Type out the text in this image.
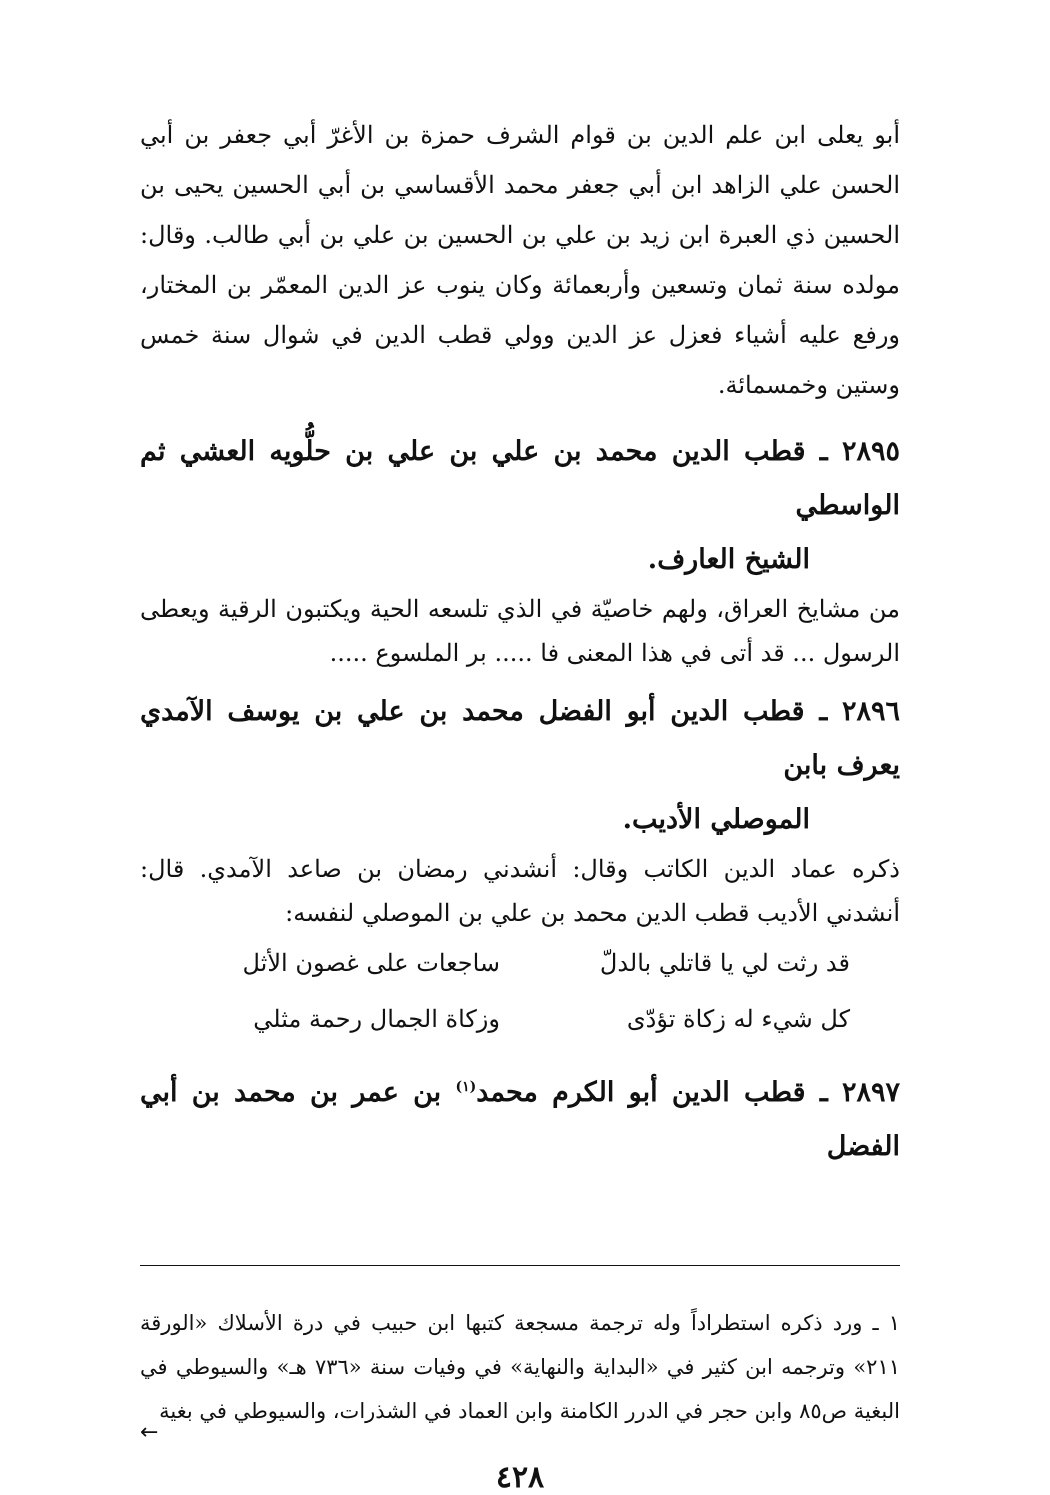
أبو يعلى ابن علم الدين بن قوام الشرف حمزة بن الأغرّ أبي جعفر بن أبي الحسن علي الزاهد ابن أبي جعفر محمد الأقساسي بن أبي الحسين يحيى بن الحسين ذي العبرة ابن زيد بن علي بن الحسين بن علي بن أبي طالب. وقال: مولده سنة ثمان وتسعين وأربعمائة وكان ينوب عز الدين المعمّر بن المختار، ورفع عليه أشياء فعزل عز الدين وولي قطب الدين في شوال سنة خمس وستين وخمسمائة.

٢٨٩٥ ـ قطب الدين محمد بن علي بن علي بن حلُّويه العشي ثم الواسطي
الشيخ العارف.

من مشايخ العراق، ولهم خاصيّة في الذي تلسعه الحية ويكتبون الرقية ويعطى الرسول ... قد أتى في هذا المعنى فا ..... بر الملسوع .....

٢٨٩٦ ـ قطب الدين أبو الفضل محمد بن علي بن يوسف الآمدي يعرف بابن
الموصلي الأديب.

ذكره عماد الدين الكاتب وقال: أنشدني رمضان بن صاعد الآمدي. قال: أنشدني الأديب قطب الدين محمد بن علي بن الموصلي لنفسه:

قد رثت لي يا قاتلي بالدلّ
ساجعات على غصون الأثل
كل شيء له زكاة تؤدّى
وزكاة الجمال رحمة مثلي

٢٨٩٧ ـ قطب الدين أبو الكرم محمد$^{(١)}$ بن عمر بن محمد بن أبي الفضل

١ ـ ورد ذكره استطراداً وله ترجمة مسجعة كتبها ابن حبيب في درة الأسلاك «الورقة ٢١١» وترجمه ابن كثير في «البداية والنهاية» في وفيات سنة «٧٣٦ هـ» والسيوطي في البغية ص٨٥ وابن حجر في الدرر الكامنة وابن العماد في الشذرات، والسيوطي في بغية

←
٤٢٨
